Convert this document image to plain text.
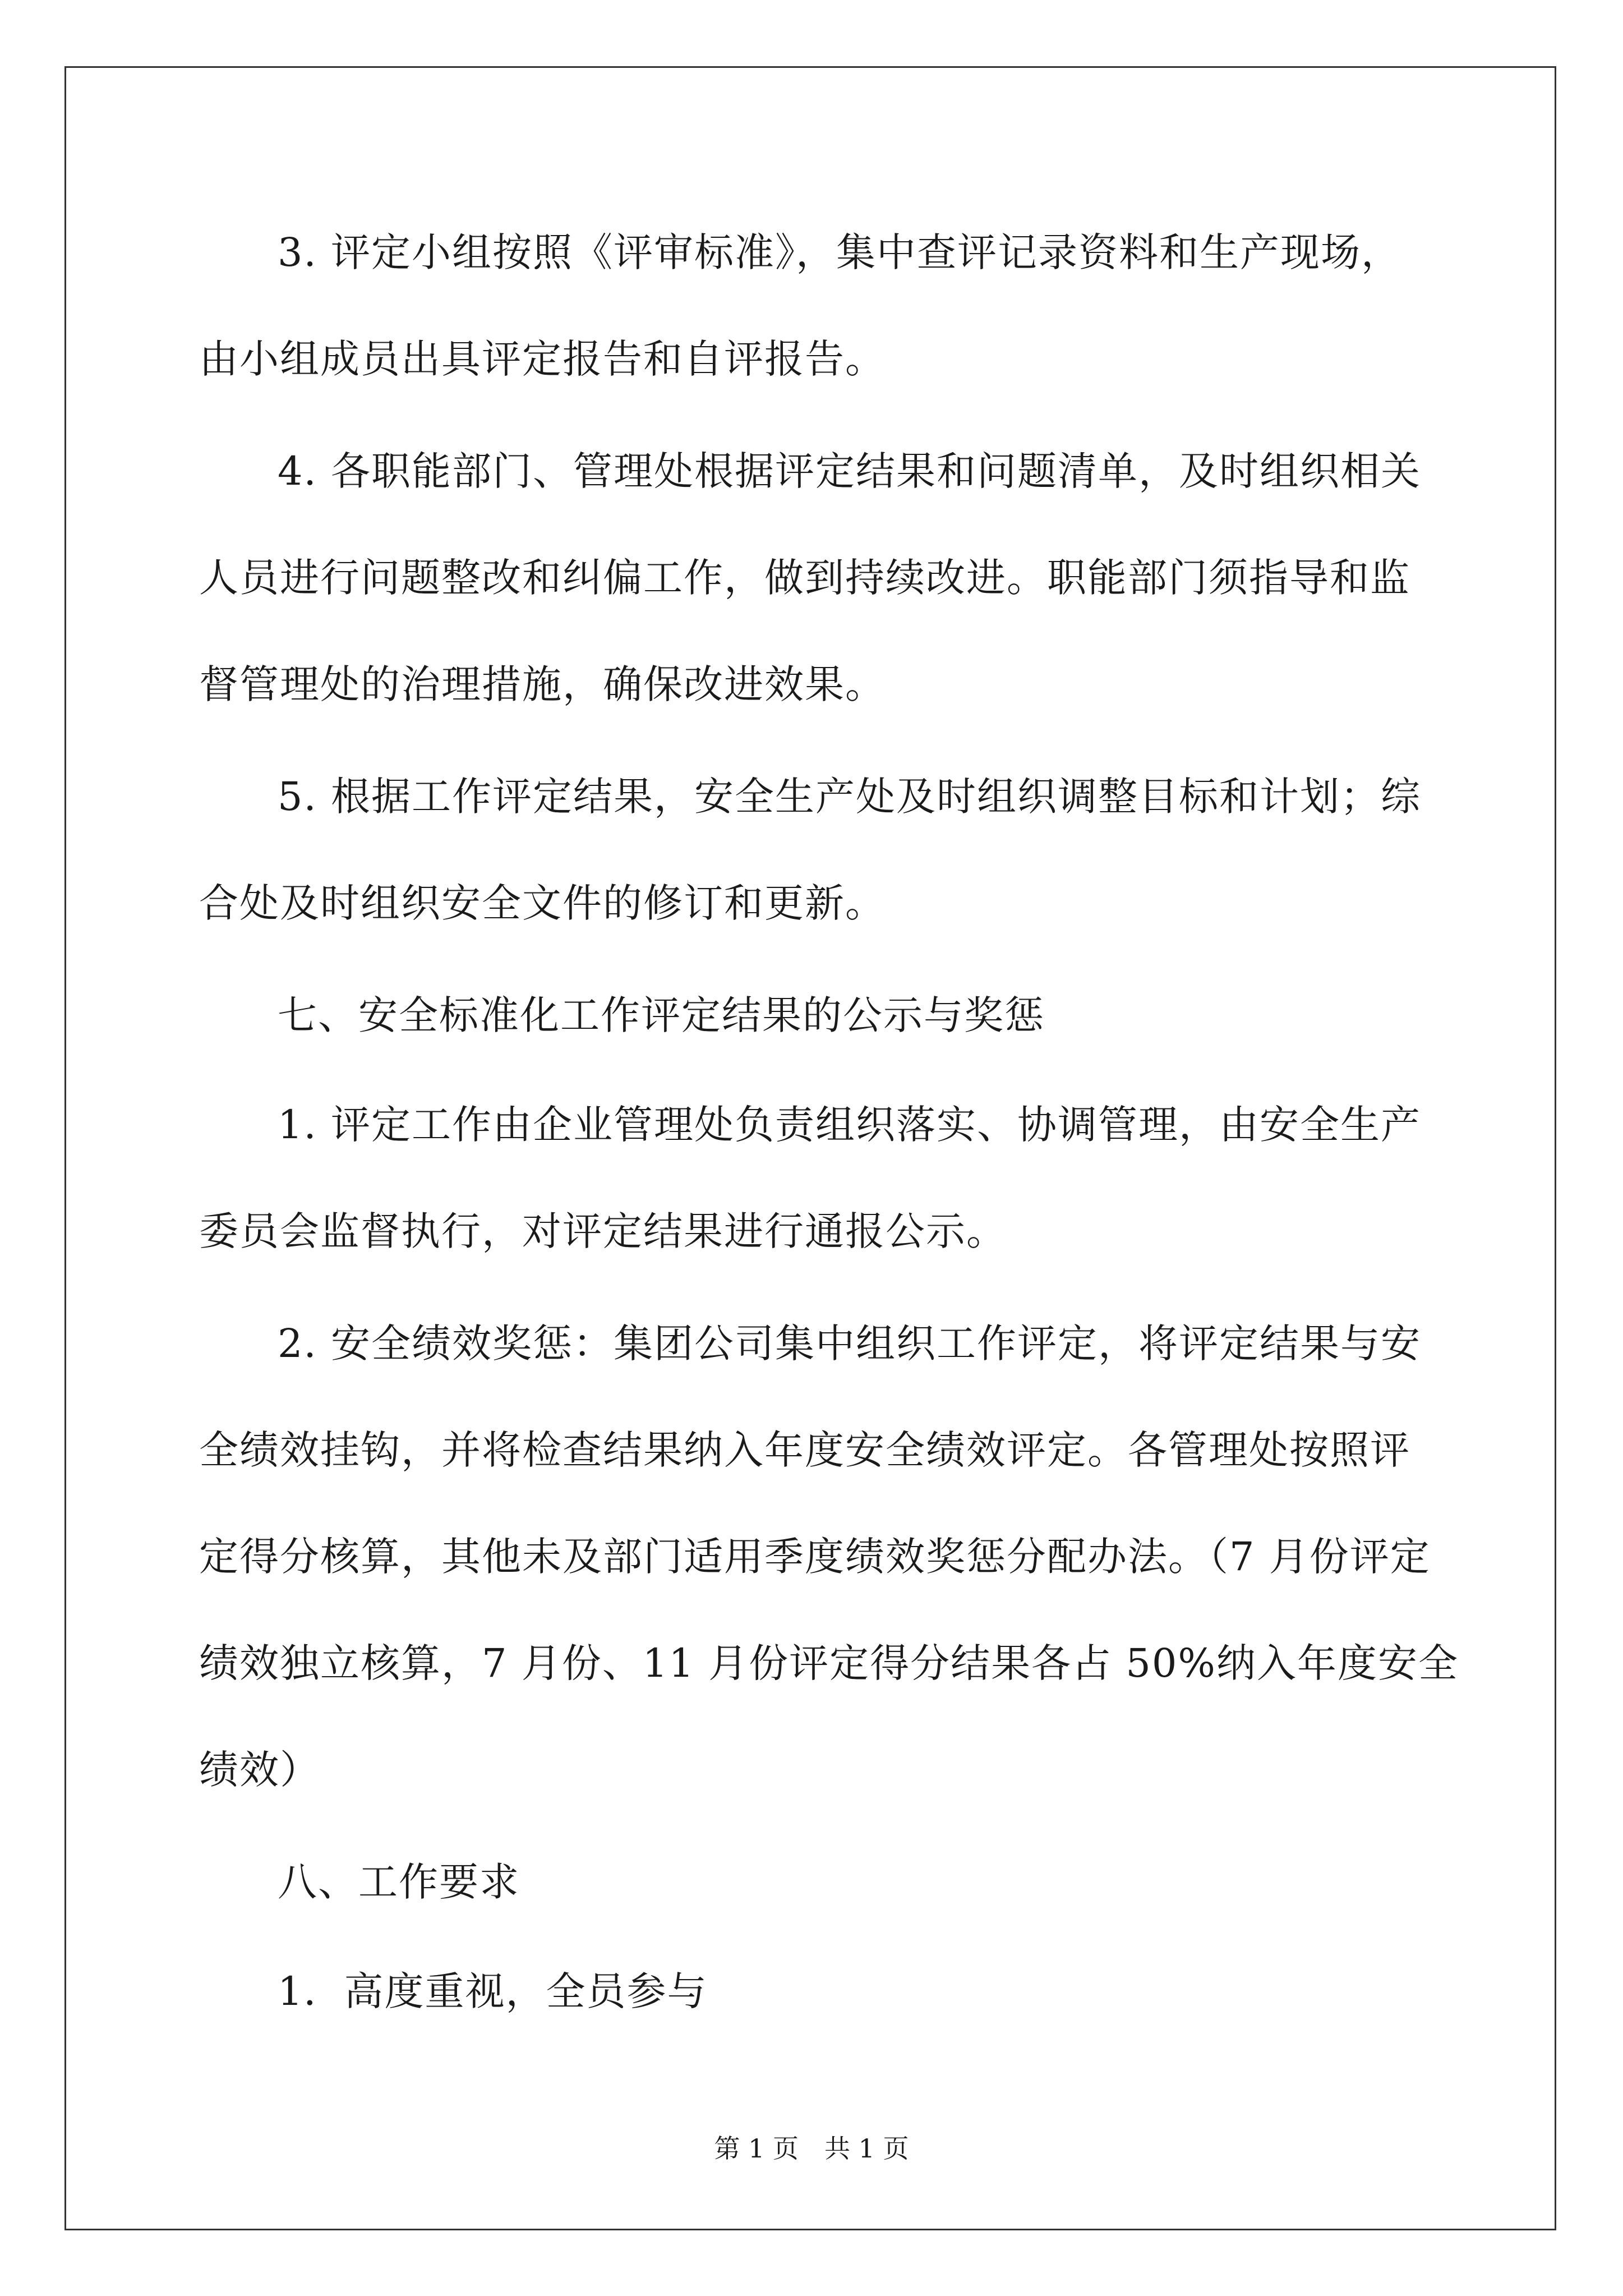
3. 评定小组按照《评审标准》，集中查评记录资料和生产现场，
由小组成员出具评定报告和自评报告。
4. 各职能部门、管理处根据评定结果和问题清单，及时组织相关
人员进行问题整改和纠偏工作，做到持续改进。职能部门须指导和监
督管理处的治理措施，确保改进效果。
5. 根据工作评定结果，安全生产处及时组织调整目标和计划；综
合处及时组织安全文件的修订和更新。
七、安全标准化工作评定结果的公示与奖惩
1. 评定工作由企业管理处负责组织落实、协调管理，由安全生产
委员会监督执行，对评定结果进行通报公示。
2. 安全绩效奖惩：集团公司集中组织工作评定，将评定结果与安
全绩效挂钩，并将检查结果纳入年度安全绩效评定。各管理处按照评
定得分核算，其他未及部门适用季度绩效奖惩分配办法。（7 月份评定
绩效独立核算，7 月份、11 月份评定得分结果各占 50%纳入年度安全
绩效）
八、工作要求
1．高度重视，全员参与
第 1 页　共 1 页
